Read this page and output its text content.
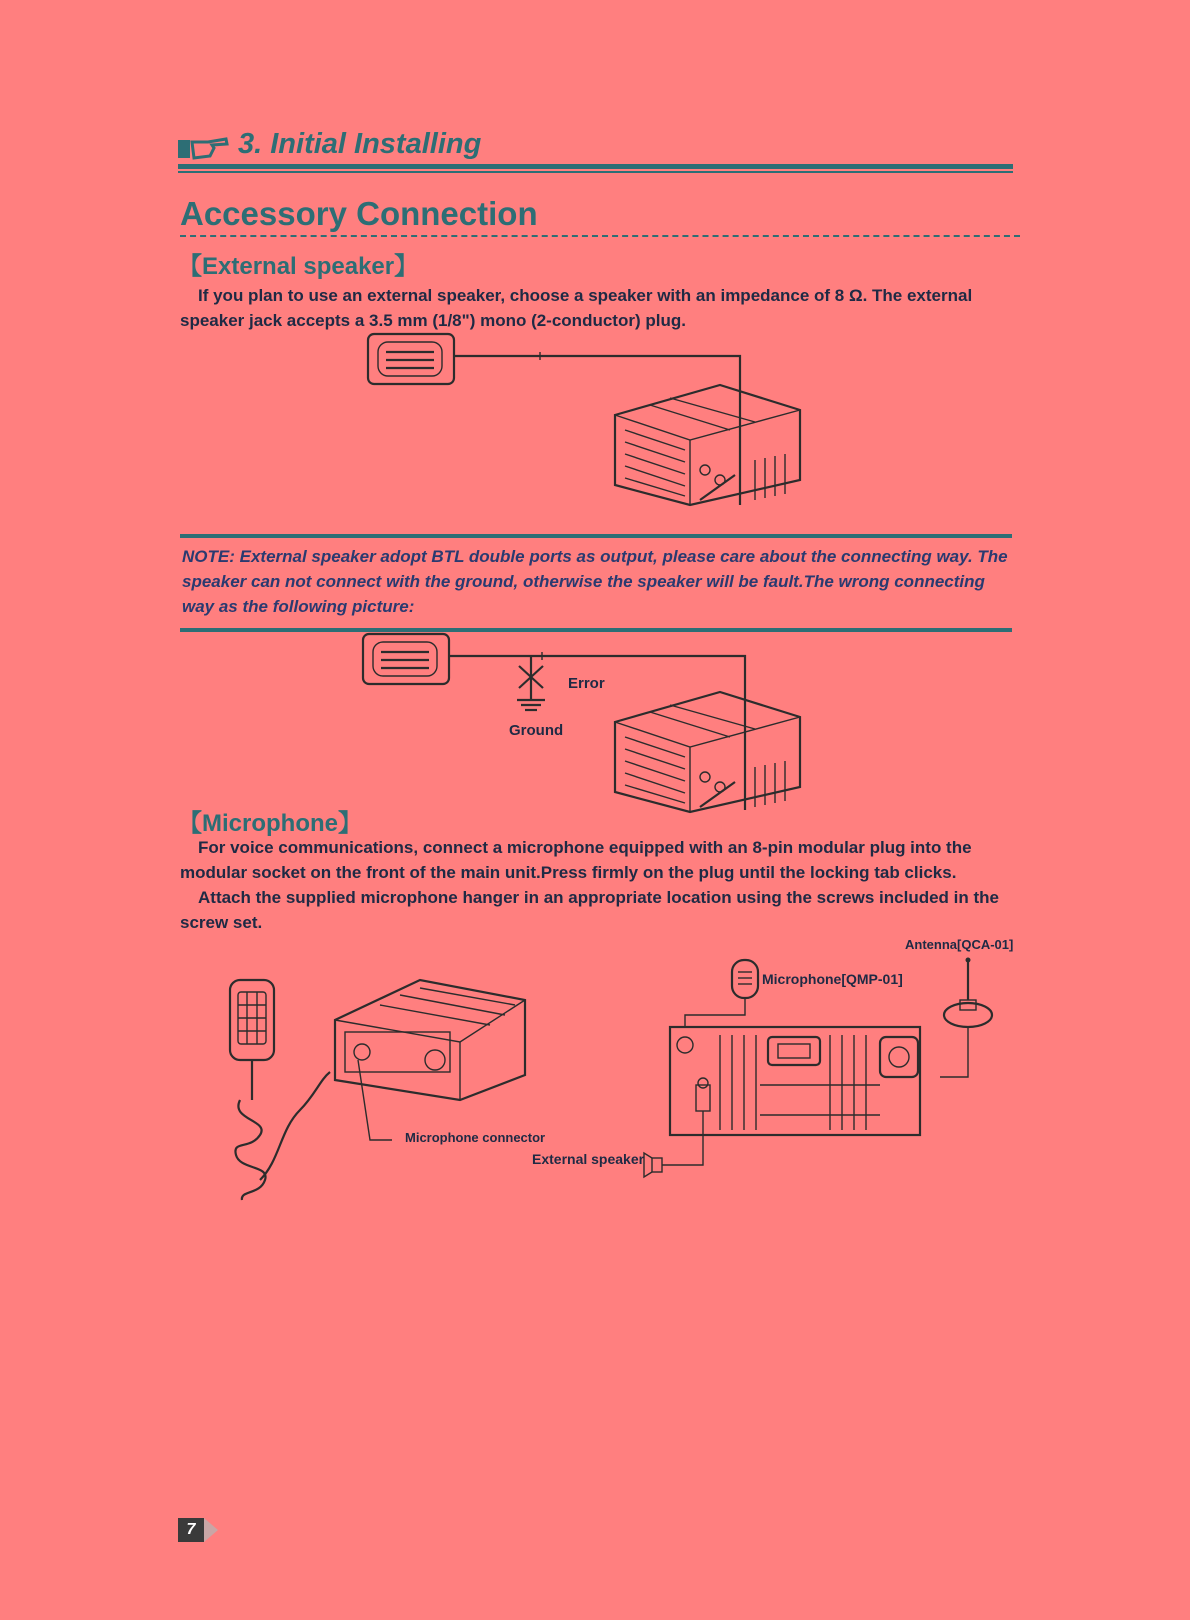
3. Initial Installing
Accessory Connection
【External speaker】
If you plan to use an external speaker, choose a speaker with an impedance of 8 Ω. The external speaker jack accepts a 3.5 mm (1/8") mono (2-conductor) plug.
NOTE: External speaker adopt BTL double ports as output, please care about the connecting way. The speaker can not connect with the ground, otherwise the speaker will be fault.The wrong connecting way as the following picture:
Error
Ground
【Microphone】
For voice communications, connect a microphone equipped with an 8-pin modular plug into the modular socket on the front of the main unit.Press firmly on the plug until the locking tab clicks.
Attach the supplied microphone hanger in an appropriate location using the screws included in the screw set.
Microphone connector
Antenna[QCA-01]
Microphone[QMP-01]
External speaker
7
